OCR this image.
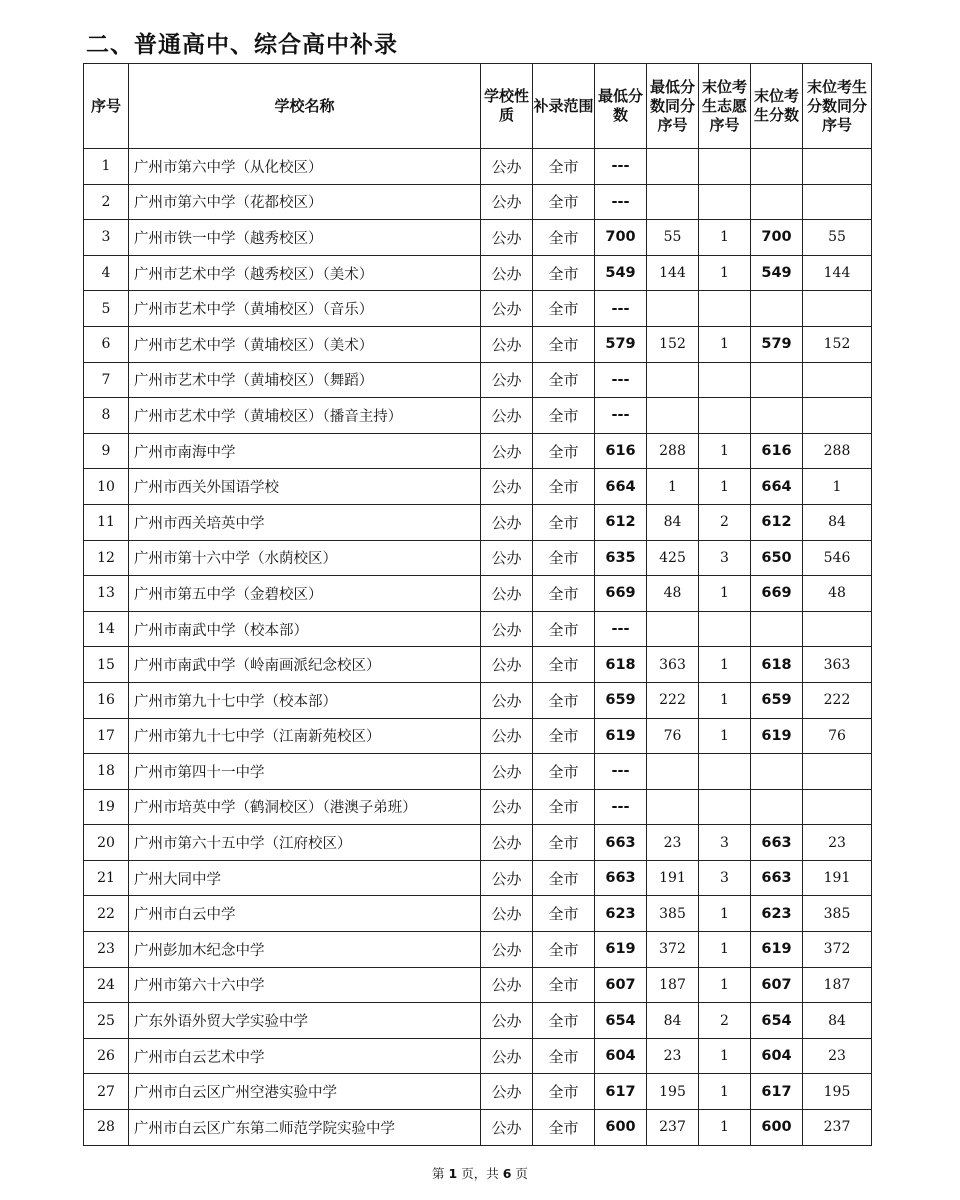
二、普通高中、综合高中补录
序号	学校名称	学校性质	补录范围	最低分数	最低分数同分序号	末位考生志愿序号	末位考生分数	末位考生分数同分序号
1	广州市第六中学（从化校区）	公办	全市	---				
2	广州市第六中学（花都校区）	公办	全市	---				
3	广州市铁一中学（越秀校区）	公办	全市	700	55	1	700	55
4	广州市艺术中学（越秀校区）（美术）	公办	全市	549	144	1	549	144
5	广州市艺术中学（黄埔校区）（音乐）	公办	全市	---				
6	广州市艺术中学（黄埔校区）（美术）	公办	全市	579	152	1	579	152
7	广州市艺术中学（黄埔校区）（舞蹈）	公办	全市	---				
8	广州市艺术中学（黄埔校区）（播音主持）	公办	全市	---				
9	广州市南海中学	公办	全市	616	288	1	616	288
10	广州市西关外国语学校	公办	全市	664	1	1	664	1
11	广州市西关培英中学	公办	全市	612	84	2	612	84
12	广州市第十六中学（水荫校区）	公办	全市	635	425	3	650	546
13	广州市第五中学（金碧校区）	公办	全市	669	48	1	669	48
14	广州市南武中学（校本部）	公办	全市	---				
15	广州市南武中学（岭南画派纪念校区）	公办	全市	618	363	1	618	363
16	广州市第九十七中学（校本部）	公办	全市	659	222	1	659	222
17	广州市第九十七中学（江南新苑校区）	公办	全市	619	76	1	619	76
18	广州市第四十一中学	公办	全市	---				
19	广州市培英中学（鹤洞校区）（港澳子弟班）	公办	全市	---				
20	广州市第六十五中学（江府校区）	公办	全市	663	23	3	663	23
21	广州大同中学	公办	全市	663	191	3	663	191
22	广州市白云中学	公办	全市	623	385	1	623	385
23	广州彭加木纪念中学	公办	全市	619	372	1	619	372
24	广州市第六十六中学	公办	全市	607	187	1	607	187
25	广东外语外贸大学实验中学	公办	全市	654	84	2	654	84
26	广州市白云艺术中学	公办	全市	604	23	1	604	23
27	广州市白云区广州空港实验中学	公办	全市	617	195	1	617	195
28	广州市白云区广东第二师范学院实验中学	公办	全市	600	237	1	600	237
第 1 页，共 6 页
